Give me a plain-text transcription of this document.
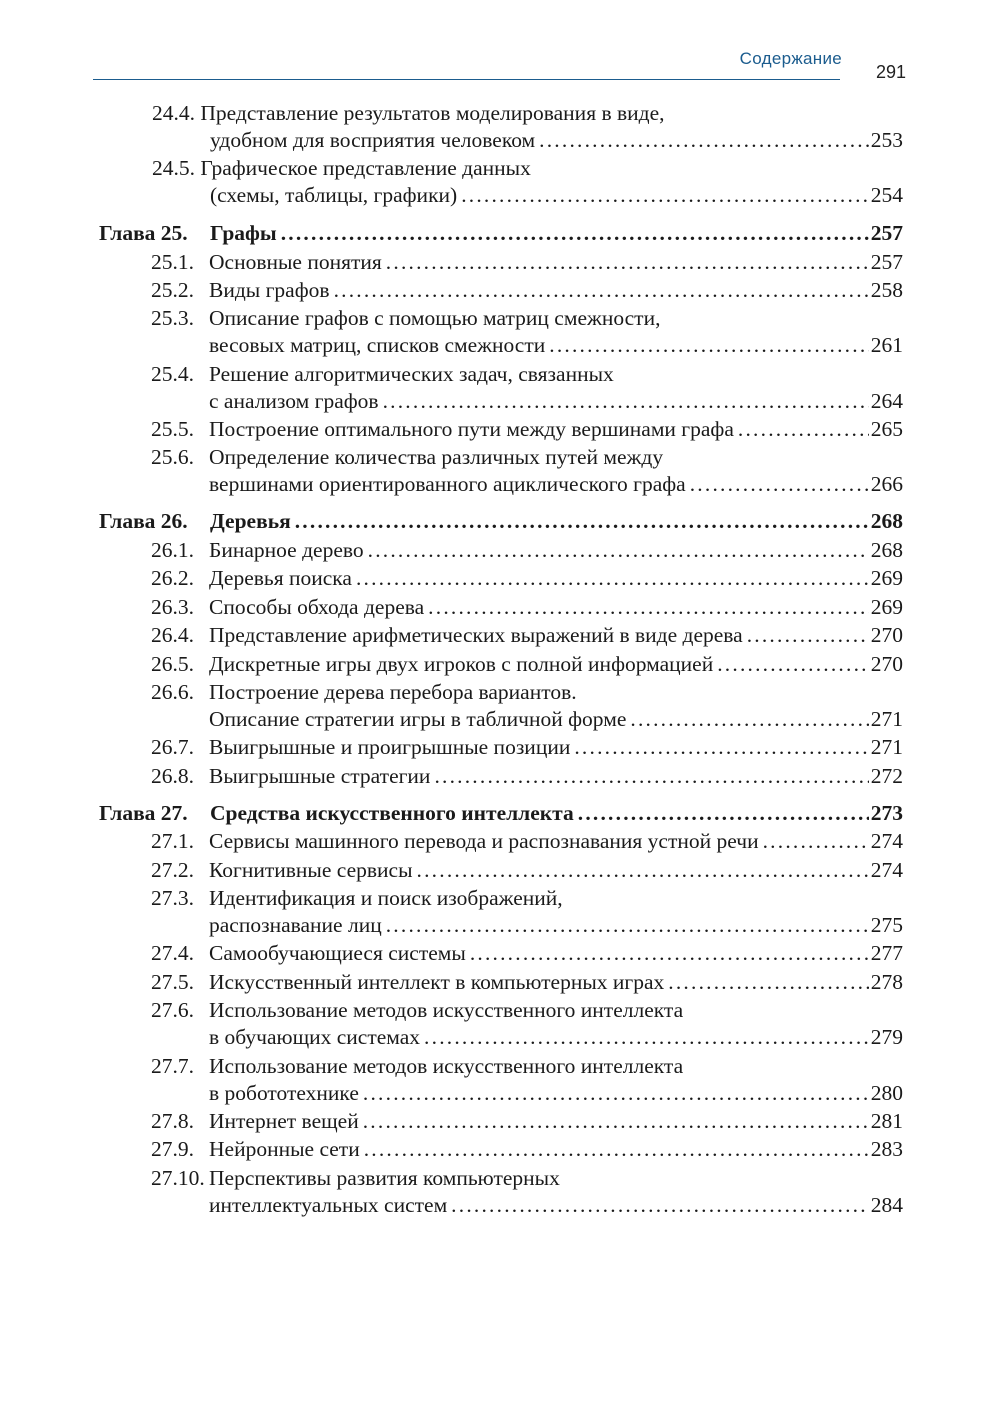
Содержание
291
24.4. Представление результатов моделирования в виде,
удобном для восприятия человеком .....	253
24.5. Графическое представление данных
(схемы, таблицы, графики) .....	254
Глава 25.	Графы .....	257
25.1. Основные понятия .....	257
25.2. Виды графов .....	258
25.3. Описание графов с помощью матриц смежности,
весовых матриц, списков смежности .....	261
25.4. Решение алгоритмических задач, связанных
с анализом графов .....	264
25.5. Построение оптимального пути между вершинами графа .....	265
25.6. Определение количества различных путей между
вершинами ориентированного ациклического графа .....	266
Глава 26.	Деревья .....	268
26.1. Бинарное дерево .....	268
26.2. Деревья поиска .....	269
26.3. Способы обхода дерева .....	269
26.4. Представление арифметических выражений в виде дерева .....	270
26.5. Дискретные игры двух игроков с полной информацией .....	270
26.6. Построение дерева перебора вариантов.
Описание стратегии игры в табличной форме .....	271
26.7. Выигрышные и проигрышные позиции .....	271
26.8. Выигрышные стратегии .....	272
Глава 27.	Средства искусственного интеллекта .....	273
27.1. Сервисы машинного перевода и распознавания устной речи .....	274
27.2. Когнитивные сервисы .....	274
27.3. Идентификация и поиск изображений,
распознавание лиц .....	275
27.4. Самообучающиеся системы .....	277
27.5. Искусственный интеллект в компьютерных играх .....	278
27.6. Использование методов искусственного интеллекта
в обучающих системах .....	279
27.7. Использование методов искусственного интеллекта
в робототехнике .....	280
27.8. Интернет вещей .....	281
27.9. Нейронные сети .....	283
27.10. Перспективы развития компьютерных
интеллектуальных систем .....	284
